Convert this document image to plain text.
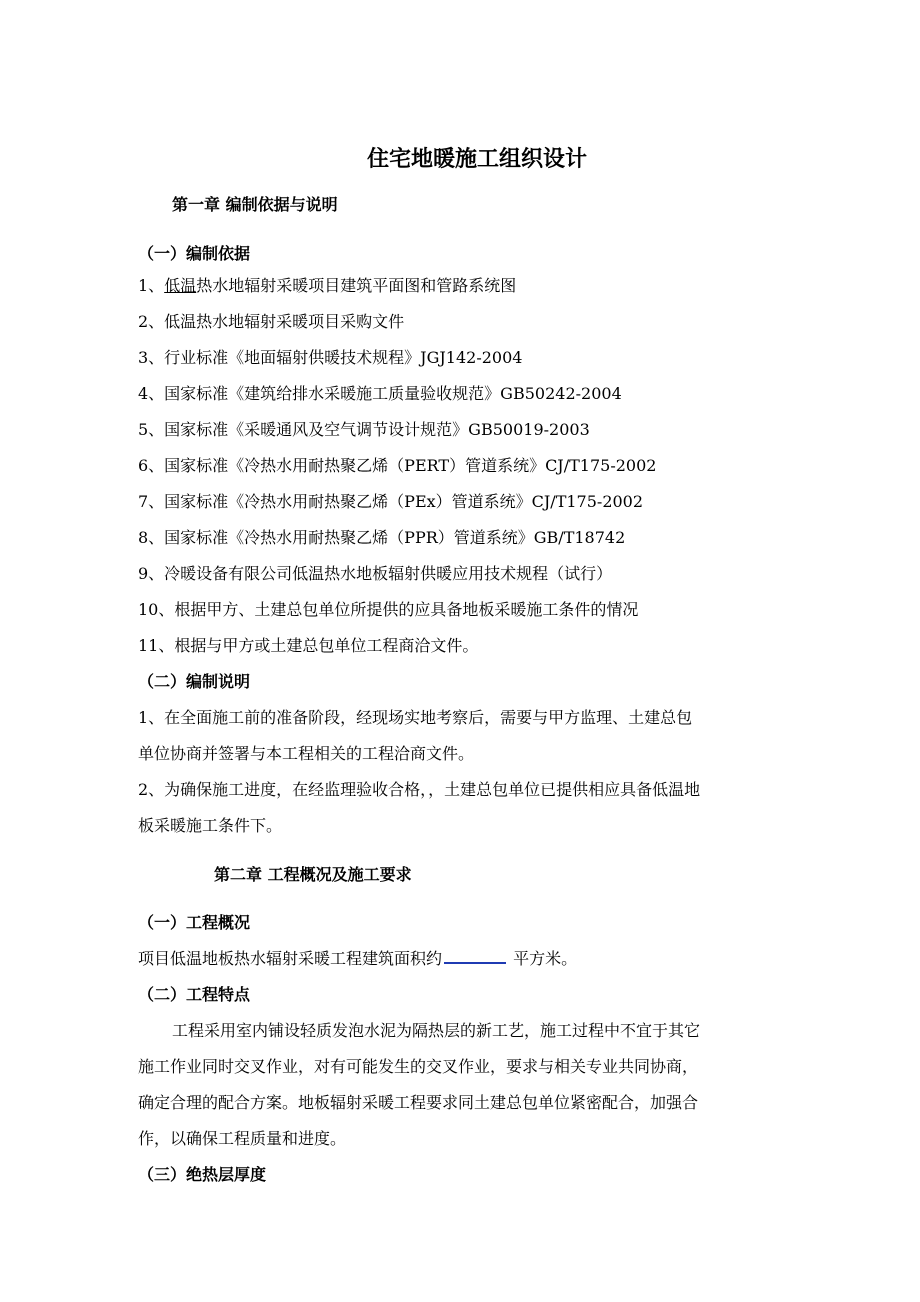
住宅地暖施工组织设计
第一章 编制依据与说明
（一）编制依据
1、低温热水地辐射采暖项目建筑平面图和管路系统图
2、低温热水地辐射采暖项目采购文件
3、行业标准《地面辐射供暖技术规程》JGJ142-2004
4、国家标准《建筑给排水采暖施工质量验收规范》GB50242-2004
5、国家标准《采暖通风及空气调节设计规范》GB50019-2003
6、国家标准《冷热水用耐热聚乙烯（PERT）管道系统》CJ/T175-2002
7、国家标准《冷热水用耐热聚乙烯（PEx）管道系统》CJ/T175-2002
8、国家标准《冷热水用耐热聚乙烯（PPR）管道系统》GB/T18742
9、冷暖设备有限公司低温热水地板辐射供暖应用技术规程（试行）
10、根据甲方、土建总包单位所提供的应具备地板采暖施工条件的情况
11、根据与甲方或土建总包单位工程商洽文件。
（二）编制说明
1、在全面施工前的准备阶段，经现场实地考察后，需要与甲方监理、土建总包
单位协商并签署与本工程相关的工程洽商文件。
2、为确保施工进度，在经监理验收合格，，土建总包单位已提供相应具备低温地
板采暖施工条件下。
第二章 工程概况及施工要求
（一）工程概况
项目低温地板热水辐射采暖工程建筑面积约	平方米。
（二）工程特点
工程采用室内铺设轻质发泡水泥为隔热层的新工艺，施工过程中不宜于其它
施工作业同时交叉作业，对有可能发生的交叉作业，要求与相关专业共同协商，
确定合理的配合方案。地板辐射采暖工程要求同土建总包单位紧密配合，加强合
作，以确保工程质量和进度。
（三）绝热层厚度
